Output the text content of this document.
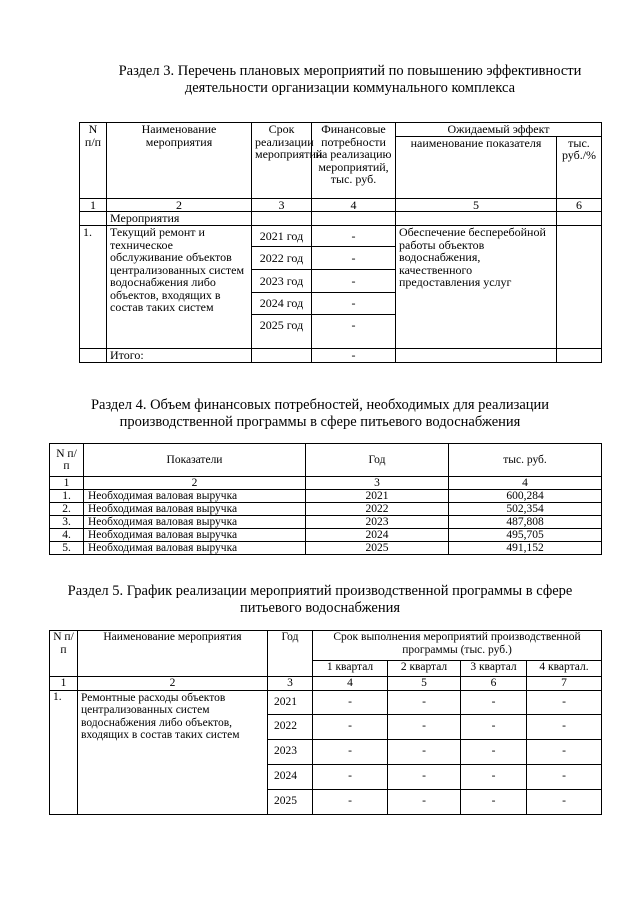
Раздел 3. Перечень плановых мероприятий по повышению эффективности деятельности организации коммунального комплекса
N п/п	Наименование мероприятия	Срок реализации мероприятий	Финансовые потребности на реализацию мероприятий, тыс. руб.	Ожидаемый эффект	
				наименование показателя	тыс. руб./%
1	2	3	4	5	6
	Мероприятия				
1.	Текущий ремонт и техническое обслуживание объектов централизованных систем водоснабжения либо объектов, входящих в состав таких систем	2021 год	-	Обеспечение бесперебойной работы объектов водоснабжения, качественного предоставления услуг	
		2022 год	-		
		2023 год	-		
		2024 год	-		
		2025 год	-		
	Итого:		-		
Раздел 4. Объем финансовых потребностей, необходимых для реализации производственной программы в сфере питьевого водоснабжения
N п/п	Показатели	Год	тыс. руб.
1	2	3	4
1.	Необходимая валовая выручка	2021	600,284
2.	Необходимая валовая выручка	2022	502,354
3.	Необходимая валовая выручка	2023	487,808
4.	Необходимая валовая выручка	2024	495,705
5.	Необходимая валовая выручка	2025	491,152
Раздел 5. График реализации мероприятий производственной программы в сфере питьевого водоснабжения
N п/ п	Наименование мероприятия	Год	Срок выполнения мероприятий производственной программы (тыс. руб.)			
			1 квартал	2 квартал	3 квартал	4 квартал.
1	2	3	4	5	6	7
1.	Ремонтные расходы объектов централизованных систем водоснабжения либо объектов, входящих в состав таких систем	2021	-	-	-	-
		2022	-	-	-	-
		2023	-	-	-	-
		2024	-	-	-	-
		2025	-	-	-	-
